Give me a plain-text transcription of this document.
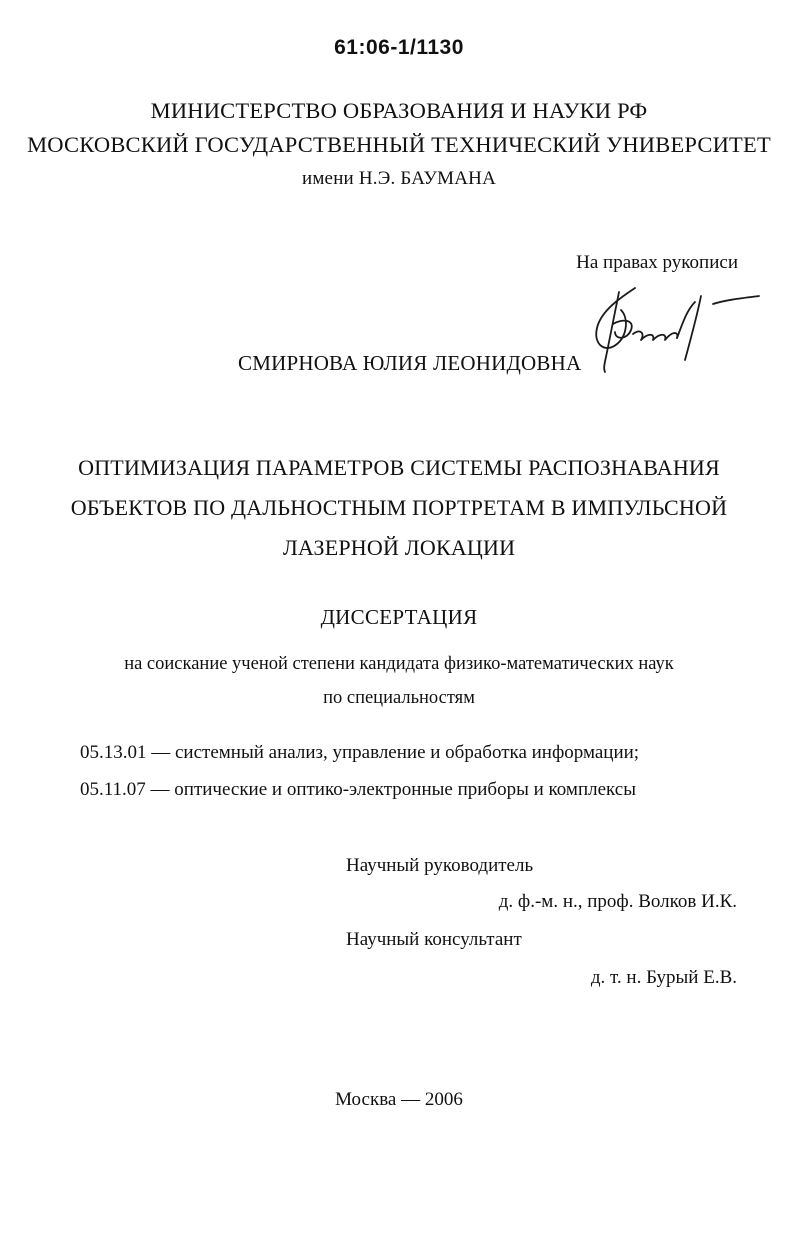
61:06-1/1130
МИНИСТЕРСТВО ОБРАЗОВАНИЯ И НАУКИ РФ
МОСКОВСКИЙ ГОСУДАРСТВЕННЫЙ ТЕХНИЧЕСКИЙ УНИВЕРСИТЕТ
имени Н.Э. БАУМАНА
На правах рукописи
СМИРНОВА ЮЛИЯ ЛЕОНИДОВНА
ОПТИМИЗАЦИЯ ПАРАМЕТРОВ СИСТЕМЫ РАСПОЗНАВАНИЯ
ОБЪЕКТОВ ПО ДАЛЬНОСТНЫМ ПОРТРЕТАМ В ИМПУЛЬСНОЙ
ЛАЗЕРНОЙ ЛОКАЦИИ
ДИССЕРТАЦИЯ
на соискание ученой степени кандидата физико-математических наук
по специальностям
05.13.01 — системный анализ, управление и обработка информации;
05.11.07 — оптические и оптико-электронные приборы и комплексы
Научный руководитель
д. ф.-м. н., проф. Волков И.К.
Научный консультант
д. т. н. Бурый Е.В.
Москва — 2006
